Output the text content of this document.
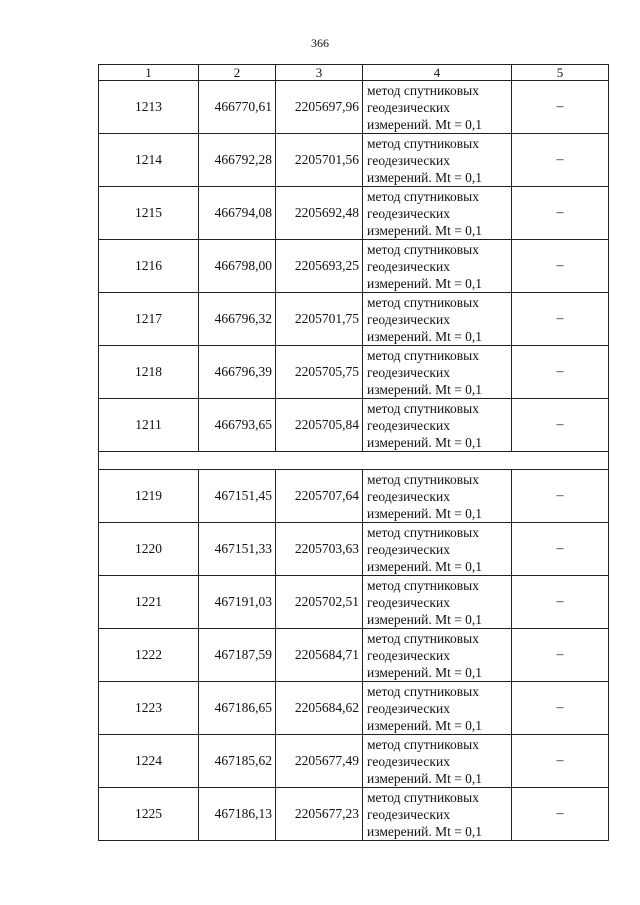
366
1	2	3	4	5
1213	466770,61	2205697,96	метод спутниковых геодезических измерений. Mt = 0,1	–
1214	466792,28	2205701,56	метод спутниковых геодезических измерений. Mt = 0,1	–
1215	466794,08	2205692,48	метод спутниковых геодезических измерений. Mt = 0,1	–
1216	466798,00	2205693,25	метод спутниковых геодезических измерений. Mt = 0,1	–
1217	466796,32	2205701,75	метод спутниковых геодезических измерений. Mt = 0,1	–
1218	466796,39	2205705,75	метод спутниковых геодезических измерений. Mt = 0,1	–
1211	466793,65	2205705,84	метод спутниковых геодезических измерений. Mt = 0,1	–

1219	467151,45	2205707,64	метод спутниковых геодезических измерений. Mt = 0,1	–
1220	467151,33	2205703,63	метод спутниковых геодезических измерений. Mt = 0,1	–
1221	467191,03	2205702,51	метод спутниковых геодезических измерений. Mt = 0,1	–
1222	467187,59	2205684,71	метод спутниковых геодезических измерений. Mt = 0,1	–
1223	467186,65	2205684,62	метод спутниковых геодезических измерений. Mt = 0,1	–
1224	467185,62	2205677,49	метод спутниковых геодезических измерений. Mt = 0,1	–
1225	467186,13	2205677,23	метод спутниковых геодезических измерений. Mt = 0,1	–
